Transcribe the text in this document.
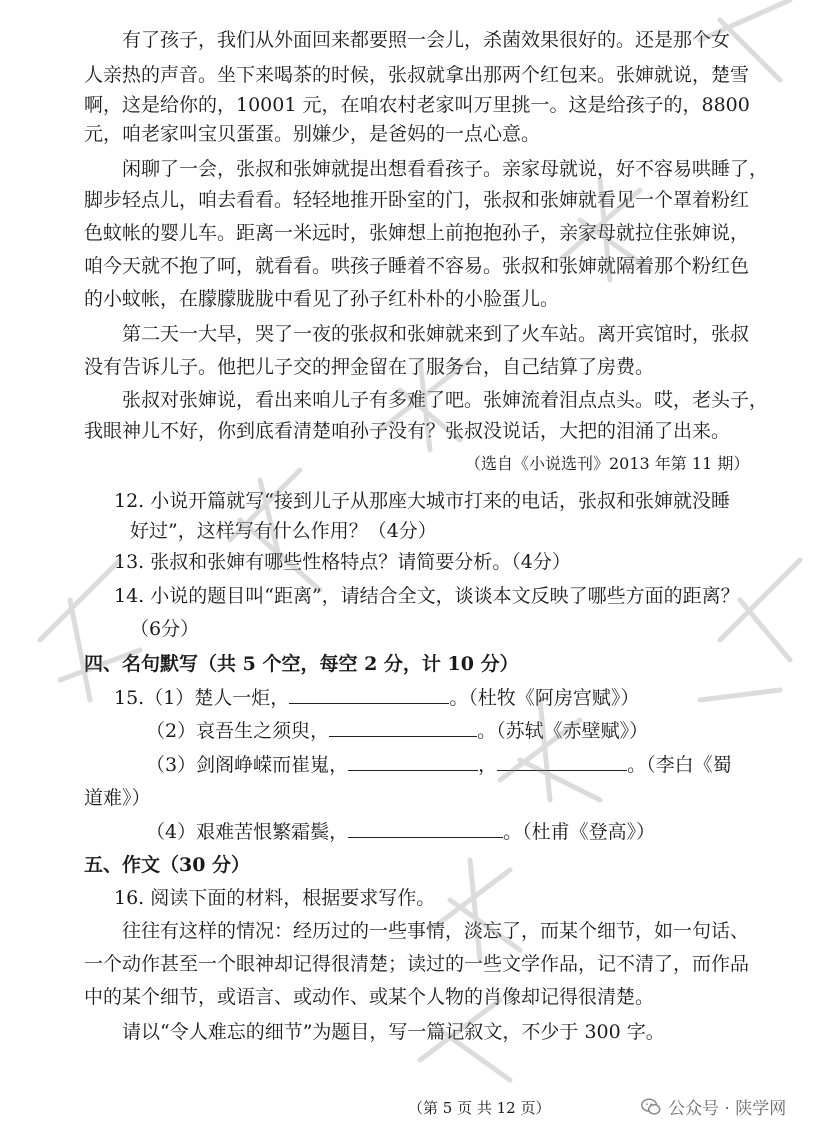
有了孩子，我们从外面回来都要照一会儿，杀菌效果很好的。还是那个女
人亲热的声音。坐下来喝茶的时候，张叔就拿出那两个红包来。张婶就说，楚雪
啊，这是给你的，10001 元，在咱农村老家叫万里挑一。这是给孩子的，8800
元，咱老家叫宝贝蛋蛋。别嫌少，是爸妈的一点心意。
闲聊了一会，张叔和张婶就提出想看看孩子。亲家母就说，好不容易哄睡了，
脚步轻点儿，咱去看看。轻轻地推开卧室的门，张叔和张婶就看见一个罩着粉红
色蚊帐的婴儿车。距离一米远时，张婶想上前抱抱孙子，亲家母就拉住张婶说，
咱今天就不抱了呵，就看看。哄孩子睡着不容易。张叔和张婶就隔着那个粉红色
的小蚊帐，在朦朦胧胧中看见了孙子红朴朴的小脸蛋儿。
第二天一大早，哭了一夜的张叔和张婶就来到了火车站。离开宾馆时，张叔
没有告诉儿子。他把儿子交的押金留在了服务台，自己结算了房费。
张叔对张婶说，看出来咱儿子有多难了吧。张婶流着泪点点头。哎，老头子，
我眼神儿不好，你到底看清楚咱孙子没有？张叔没说话，大把的泪涌了出来。
（选自《小说选刊》2013 年第 11 期）
12. 小说开篇就写“接到儿子从那座大城市打来的电话，张叔和张婶就没睡
好过”，这样写有什么作用？（4分）
13. 张叔和张婶有哪些性格特点？请简要分析。（4分）
14. 小说的题目叫“距离”，请结合全文，谈谈本文反映了哪些方面的距离？
（6分）
四、名句默写（共 5 个空，每空 2 分，计 10 分）
15.（1）楚人一炬，	。（杜牧《阿房宫赋》）
（2）哀吾生之须臾，	。（苏轼《赤壁赋》）
（3）剑阁峥嵘而崔嵬，	，	。（李白《蜀
道难》）
（4）艰难苦恨繁霜鬓，	。（杜甫《登高》）
五、作文（30 分）
16. 阅读下面的材料，根据要求写作。
往往有这样的情况：经历过的一些事情，淡忘了，而某个细节，如一句话、
一个动作甚至一个眼神却记得很清楚；读过的一些文学作品，记不清了，而作品
中的某个细节，或语言、或动作、或某个人物的肖像却记得很清楚。
请以“令人难忘的细节”为题目，写一篇记叙文，不少于 300 字。
（第 5 页 共 12 页）	公众号 · 陕学网
